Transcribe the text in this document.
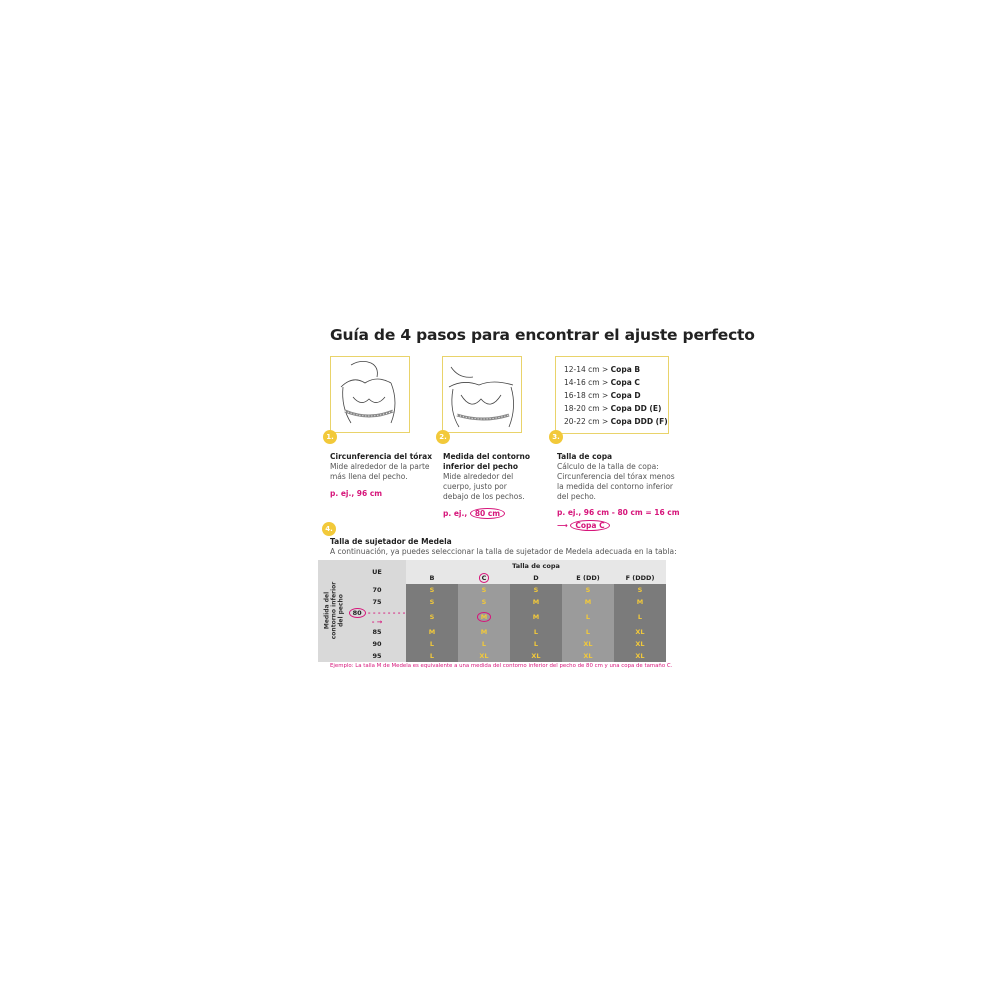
Guía de 4 pasos para encontrar el ajuste perfecto
1.	2.
12-14 cm > Copa B
14-16 cm > Copa C
16-18 cm > Copa D
18-20 cm > Copa DD (E)
20-22 cm > Copa DDD (F)
3.
Circunferencia del tórax
Mide alrededor de la parte más llena del pecho.
p. ej., 96 cm
Medida del contorno inferior del pecho
Mide alrededor del cuerpo, justo por debajo de los pechos.
p. ej., 80 cm
Talla de copa
Cálculo de la talla de copa: Circunferencia del tórax menos la medida del contorno inferior del pecho.
p. ej., 96 cm - 80 cm = 16 cm
⟶ Copa C
4.
Talla de sujetador de Medela
A continuación, ya puedes seleccionar la talla de sujetador de Medela adecuada en la tabla:
Medida del contorno inferior del pecho	UE	Talla de copa				
		B	C	D	E (DD)	F (DDD)
	70	S	S	S	S	S
	75	S	S	M	M	M
	80 - - - - - - - - - →	S	M	M	L	L
	85	M	M	L	L	XL
	90	L	L	L	XL	XL
	95	L	XL	XL	XL	XL
Ejemplo: La talla M de Medela es equivalente a una medida del contorno inferior del pecho de 80 cm y una copa de tamaño C.
